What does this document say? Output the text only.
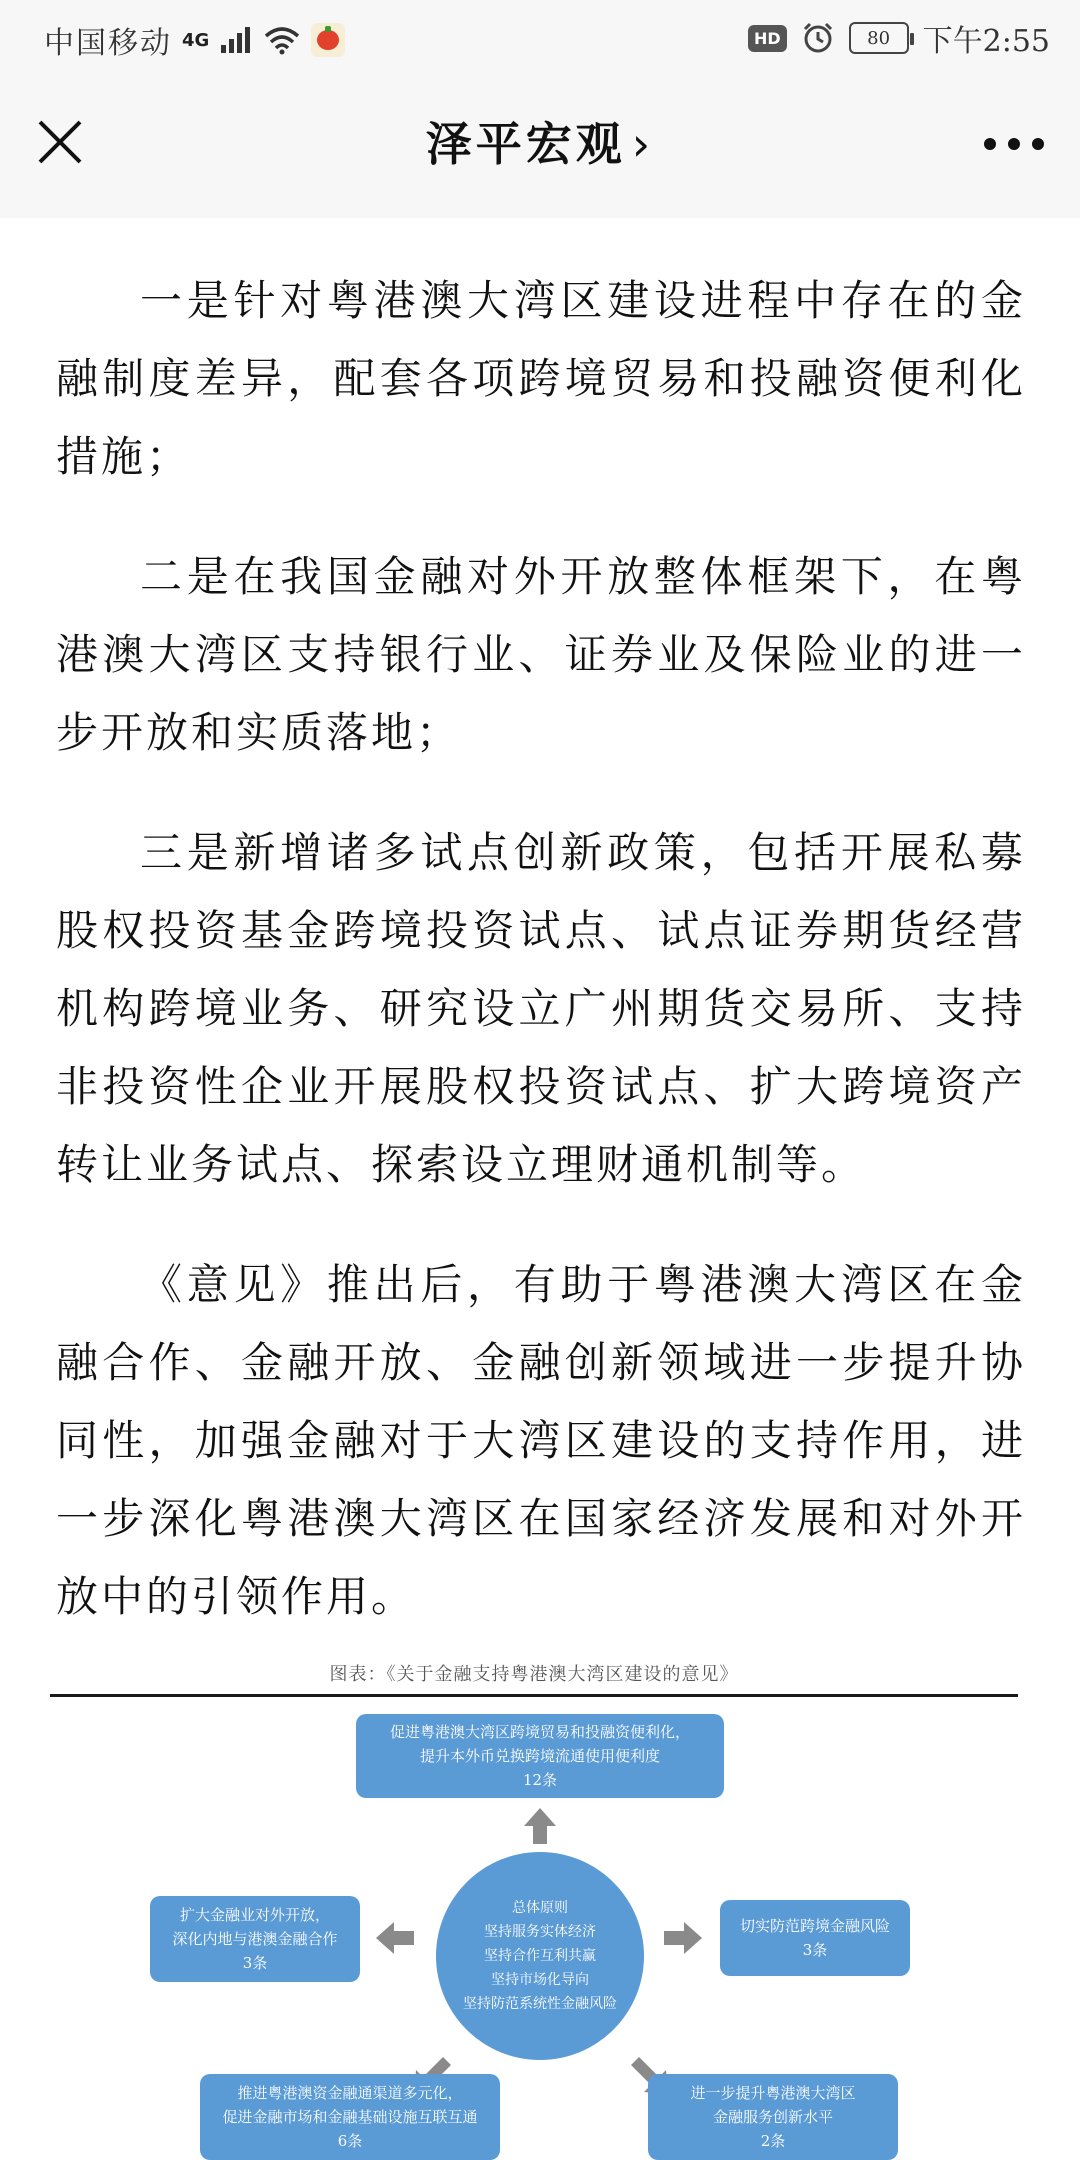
中国移动 4G	HD	80 下午2:55
泽平宏观 ›

一是针对粤港澳大湾区建设进程中存在的金融制度差异，配套各项跨境贸易和投融资便利化措施；

二是在我国金融对外开放整体框架下，在粤港澳大湾区支持银行业、证券业及保险业的进一步开放和实质落地；

三是新增诸多试点创新政策，包括开展私募股权投资基金跨境投资试点、试点证券期货经营机构跨境业务、研究设立广州期货交易所、支持非投资性企业开展股权投资试点、扩大跨境资产转让业务试点、探索设立理财通机制等。

《意见》推出后，有助于粤港澳大湾区在金融合作、金融开放、金融创新领域进一步提升协同性，加强金融对于大湾区建设的支持作用，进一步深化粤港澳大湾区在国家经济发展和对外开放中的引领作用。

图表：《关于金融支持粤港澳大湾区建设的意见》
促进粤港澳大湾区跨境贸易和投融资便利化，
提升本外币兑换跨境流通使用便利度
12条
总体原则
坚持服务实体经济
坚持合作互利共赢
坚持市场化导向
坚持防范系统性金融风险
扩大金融业对外开放，
深化内地与港澳金融合作
3条
切实防范跨境金融风险
3条
推进粤港澳资金融通渠道多元化，
促进金融市场和金融基础设施互联互通
6条
进一步提升粤港澳大湾区
金融服务创新水平
2条
